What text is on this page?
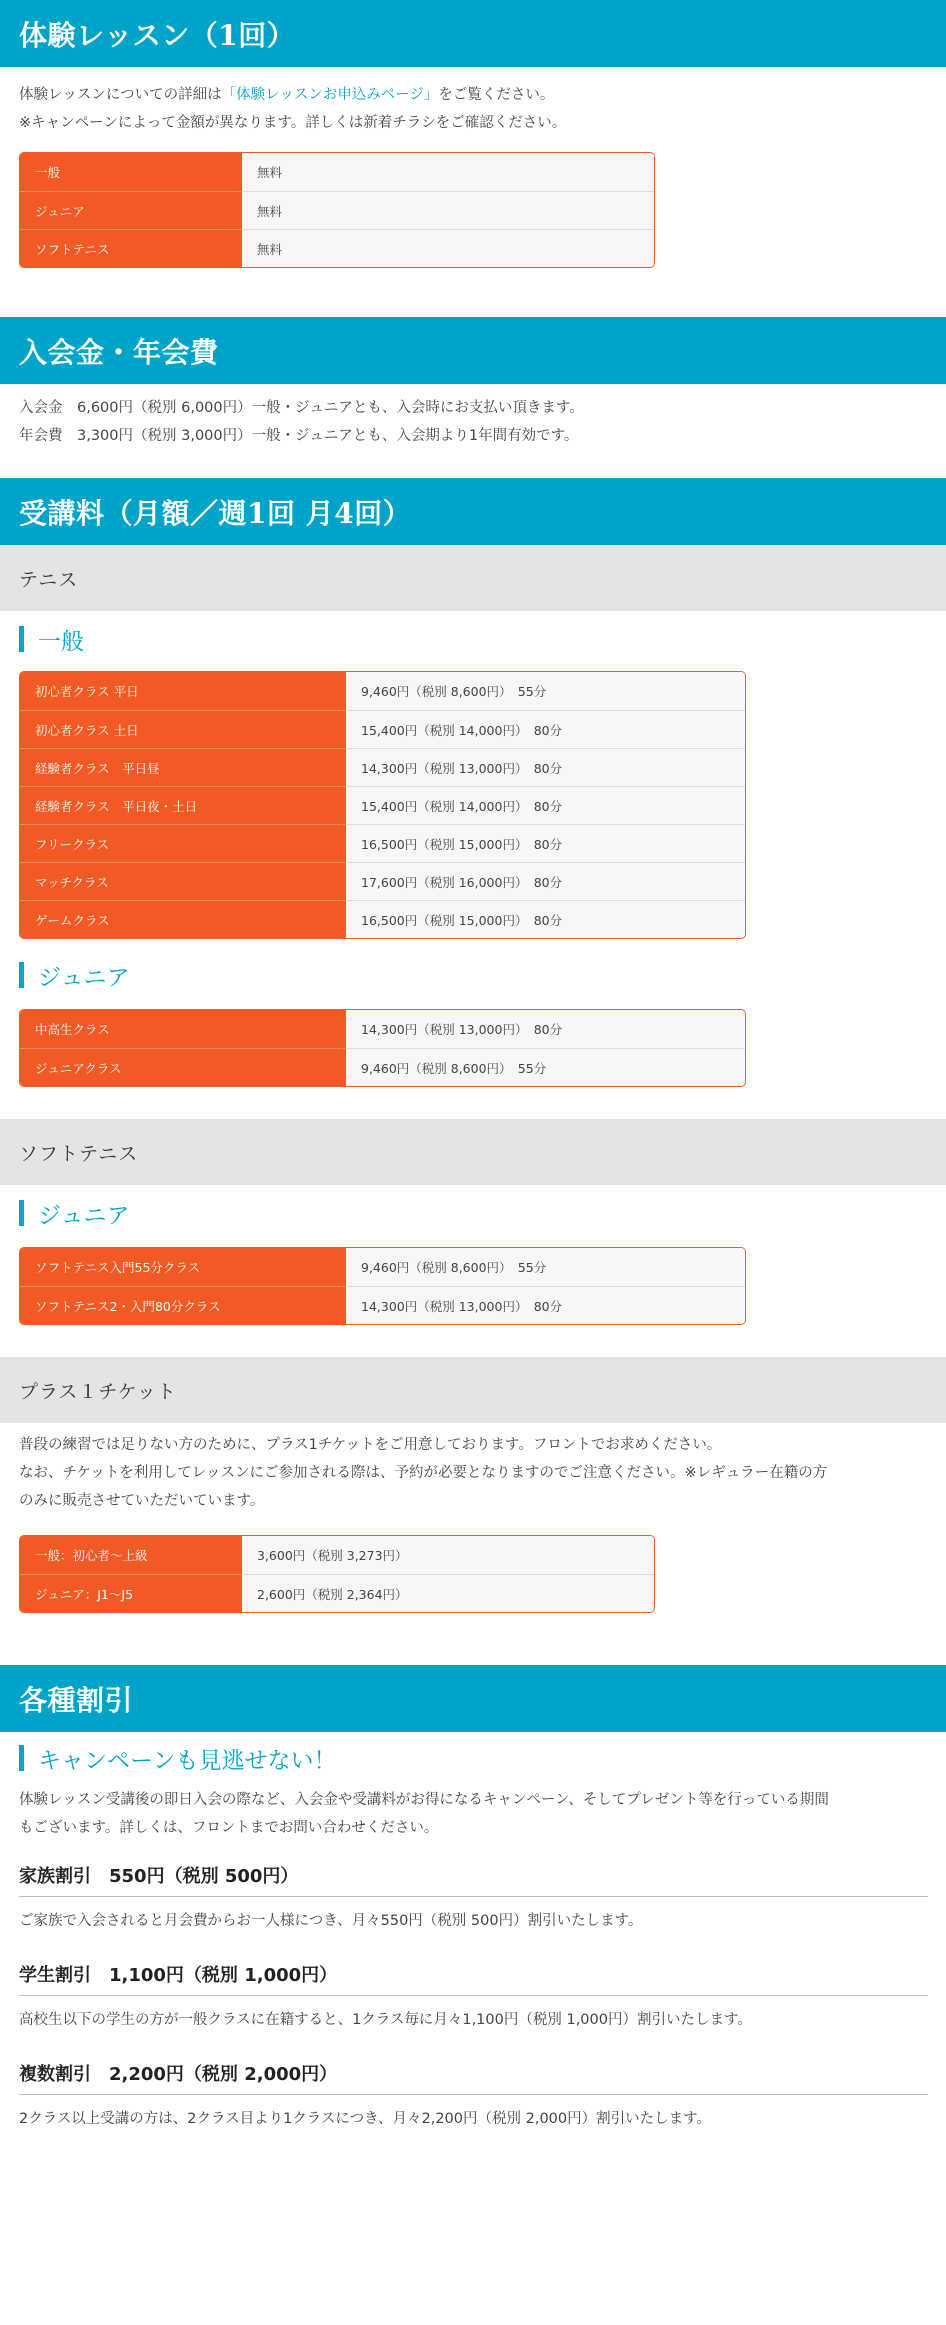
体験レッスン（1回）
体験レッスンについての詳細は「体験レッスンお申込みページ」をご覧ください。
※キャンペーンによって金額が異なります。詳しくは新着チラシをご確認ください。
一般	無料
ジュニア	無料
ソフトテニス	無料
入会金・年会費
入会金　6,600円（税別 6,000円）一般・ジュニアとも、入会時にお支払い頂きます。
年会費　3,300円（税別 3,000円）一般・ジュニアとも、入会期より1年間有効です。
受講料（月額／週1回 月4回）
テニス
一般
初心者クラス 平日	9,460円（税別 8,600円）　55分
初心者クラス 土日	15,400円（税別 14,000円）　80分
経験者クラス　平日昼	14,300円（税別 13,000円）　80分
経験者クラス　平日夜・土日	15,400円（税別 14,000円）　80分
フリークラス	16,500円（税別 15,000円）　80分
マッチクラス	17,600円（税別 16,000円）　80分
ゲームクラス	16,500円（税別 15,000円）　80分
ジュニア
中高生クラス	14,300円（税別 13,000円）　80分
ジュニアクラス	9,460円（税別 8,600円）　55分
ソフトテニス
ジュニア
ソフトテニス入門55分クラス	9,460円（税別 8,600円）　55分
ソフトテニス2・入門80分クラス	14,300円（税別 13,000円）　80分
プラス１チケット
普段の練習では足りない方のために、プラス1チケットをご用意しております。フロントでお求めください。
なお、チケットを利用してレッスンにご参加される際は、予約が必要となりますのでご注意ください。※レギュラー在籍の方
のみに販売させていただいています。
一般：初心者～上級	3,600円（税別 3,273円）
ジュニア：J1～J5	2,600円（税別 2,364円）
各種割引
キャンペーンも見逃せない！
体験レッスン受講後の即日入会の際など、入会金や受講料がお得になるキャンペーン、そしてプレゼント等を行っている期間
もございます。詳しくは、フロントまでお問い合わせください。
家族割引　550円（税別 500円）
ご家族で入会されると月会費からお一人様につき、月々550円（税別 500円）割引いたします。
学生割引　1,100円（税別 1,000円）
高校生以下の学生の方が一般クラスに在籍すると、1クラス毎に月々1,100円（税別 1,000円）割引いたします。
複数割引　2,200円（税別 2,000円）
2クラス以上受講の方は、2クラス目より1クラスにつき、月々2,200円（税別 2,000円）割引いたします。
